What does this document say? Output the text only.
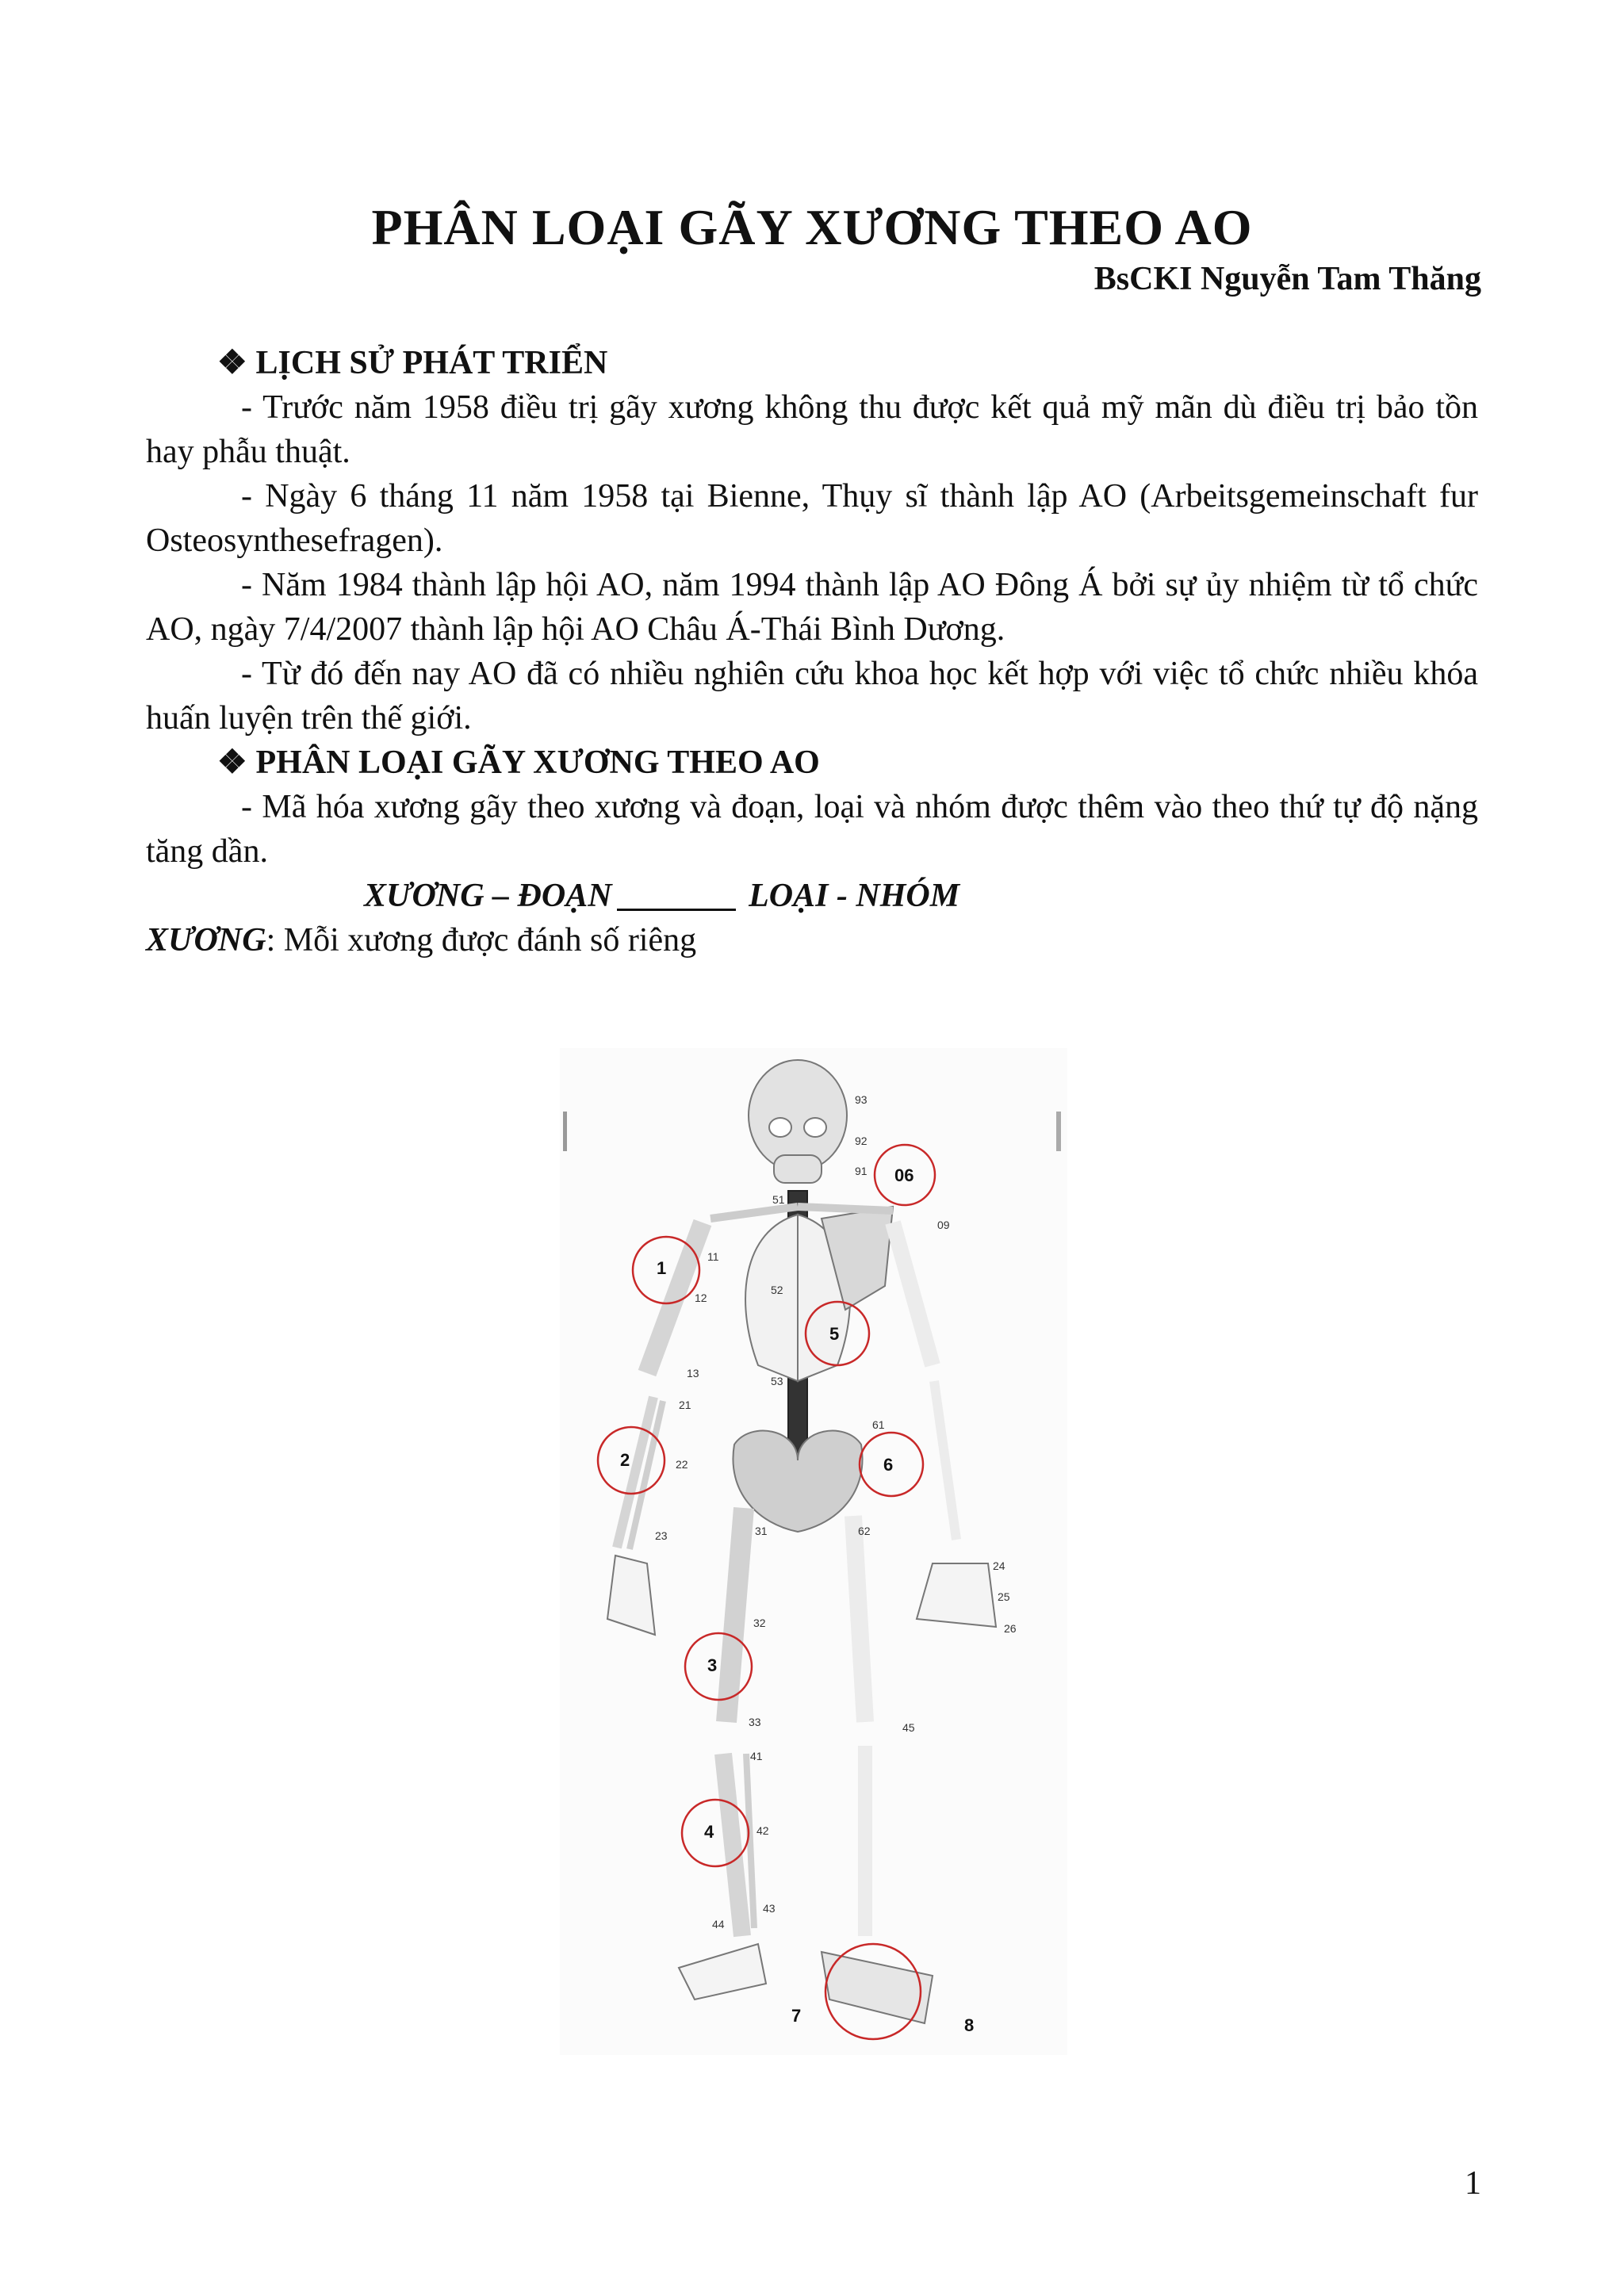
PHÂN LOẠI GÃY XƯƠNG THEO AO
BsCKI Nguyễn Tam Thăng
❖ LỊCH SỬ PHÁT TRIỂN
- Trước năm 1958 điều trị gãy xương không thu được kết quả mỹ mãn dù điều trị bảo tồn hay phẫu thuật.
- Ngày 6 tháng 11 năm 1958 tại Bienne, Thụy sĩ thành lập AO (Arbeitsgemeinschaft fur Osteosynthesefragen).
- Năm 1984 thành lập hội AO, năm 1994 thành lập AO Đông Á bởi sự ủy nhiệm từ tổ chức AO, ngày 7/4/2007 thành lập hội AO Châu Á-Thái Bình Dương.
- Từ đó đến nay AO đã có nhiều nghiên cứu khoa học kết hợp với việc tổ chức nhiều khóa huấn luyện trên thế giới.
❖ PHÂN LOẠI GÃY XƯƠNG THEO AO
- Mã hóa xương gãy theo xương và đoạn, loại và nhóm được thêm vào theo thứ tự độ nặng tăng dần.
XƯƠNG – ĐOẠN	LOẠI - NHÓM
XƯƠNG: Mỗi xương được đánh số riêng
1
2
3
4
5
6
06
7	8
93
92
91
51
09
11
12
13
52
53
21
22
23
61
62
31
32
33
24
25
26
45
41
42
43
44
1
